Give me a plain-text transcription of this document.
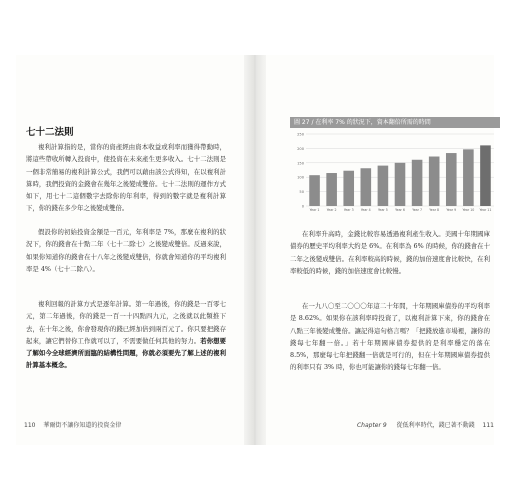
七十二法則

複利計算指的是，當你的資產經由資本收益或利率而獲得帶動時，將這些帶收所轉入投資中，使投資在未來產生更多收入。七十二法則是一個非常簡易的複利計算公式，我們可以藉由該公式得知，在以複利計算時，我們投資的金錢會在幾年之後變成雙倍。七十二法則的運作方式如下，用七十二這個數字去除你的年利率，得到的數字就是複利計算下，你的錢在多少年之後變成雙倍。

假設你的初始投資金額是一百元，年利率是 7%，那麼在複利的狀況下，你的錢會在十點二年（七十二除七）之後變成雙倍。反過來說，如果你知道你的錢會在十八年之後變成雙倍，你就會知道你的平均複利率是 4%（七十二除八）。

複利回報的計算方式是逐年計算。第一年過後，你的錢是一百零七元，第二年過後，你的錢是一百一十四點四九元，之後就以此類推下去，在十年之後，你會發現你的錢已經加倍到兩百元了。你只要把錢存起來，讓它們替你工作就可以了，不需要做任何其他的努力。若你想要了解如今全球經濟所面臨的結構性問題，你就必須要先了解上述的複利計算基本概念。

110 華爾街不讓你知道的投資金律
圖 27 / 在利率 7% 的狀況下，資本翻倍所需的時間
250
200
150
100
50
0
Year 1 Year 2 Year 3 Year 4 Year 5 Year 6 Year 7 Year 8 Year 9 Year 10 Year 11

在利率升高時，金錢比較容易透過複利產生收入。美國十年期國庫債券的歷史平均利率大約是 6%。在利率為 6% 的時候，你的錢會在十二年之後變成雙倍。在利率較高的時候，錢的加倍速度會比較快，在利率較低的時候，錢的加倍速度會比較慢。

在一九八〇至二〇〇〇年這二十年間，十年期國庫債券的平均利率是 8.62%。如果你在該利率時投資了，以複利計算下來，你的錢會在八點三年後變成雙倍。讓記得這句格言嗎？「把錢放進市場裡，讓你的錢每七年翻一倍。」若十年期國庫債券提供的是利率穩定的落在 8.5%，那麼每七年把錢翻一倍就是可行的，但在十年期國庫債券提供的利率只有 3% 時，你也可能讓你的錢每七年翻一倍。

Chapter 9 從低利率時代，錢已著不動錢 111
